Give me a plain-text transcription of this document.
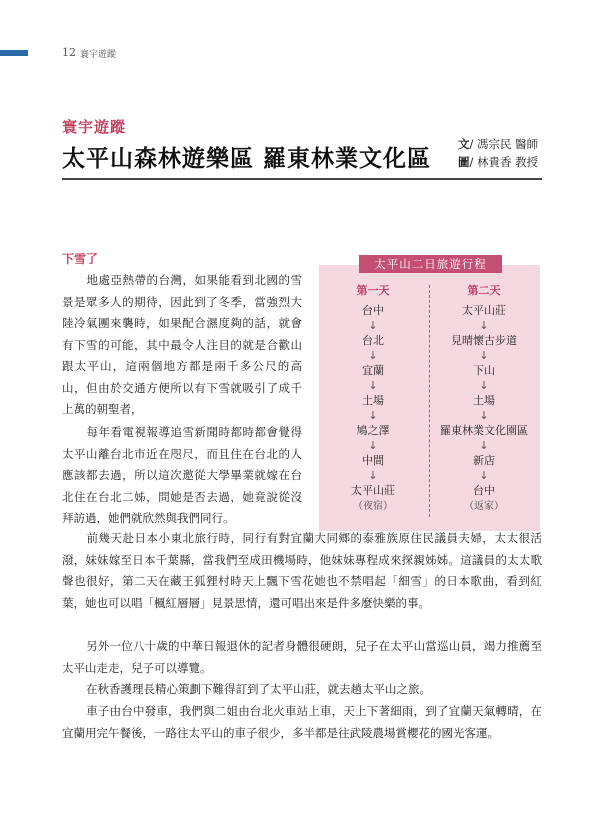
12 寰宇遊蹤
寰宇遊蹤
太平山森林遊樂區 羅東林業文化區
文/ 馮宗民 醫師
圖/ 林貴香 教授
下雪了

地處亞熱帶的台灣，如果能看到北國的雪景是眾多人的期待，因此到了冬季，當強烈大陸冷氣團來襲時，如果配合濕度夠的話，就會有下雪的可能，其中最令人注目的就是合歡山跟太平山，這兩個地方都是兩千多公尺的高山，但由於交通方便所以有下雪就吸引了成千上萬的朝聖者，

每年看電視報導追雪新聞時都時都會覺得太平山離台北市近在咫尺，而且住在台北的人應該都去過，所以這次邀從大學畢業就嫁在台北住在台北二姊，問她是否去過，她竟說從沒拜訪過，她們就欣然與我們同行。

前幾天赴日本小東北旅行時，同行有對宜蘭大同鄉的泰雅族原住民議員夫婦，太太很活潑，妹妹嫁至日本千葉縣，當我們至成田機場時，他妹妹專程成來探親姊姊。這議員的太太歌聲也很好，第二天在藏王狐狸村時天上飄下雪花她也不禁唱起「細雪」的日本歌曲，看到紅葉，她也可以唱「楓紅層層」見景思情，還可唱出來是件多麼快樂的事。

另外一位八十歲的中華日報退休的記者身體很硬朗，兒子在太平山當巡山員，竭力推薦至太平山走走，兒子可以導覽。

在秋香護理長精心策劃下難得訂到了太平山莊，就去趟太平山之旅。

車子由台中發車，我們與二姐由台北火車站上車，天上下著細雨，到了宜蘭天氣轉晴，在宜蘭用完午餐後，一路往太平山的車子很少，多半都是往武陵農場賞櫻花的國光客運。

太平山二日旅遊行程
第一天
台中
↓
台北
↓
宜蘭
↓
土場
↓
鳩之澤
↓
中間
↓
太平山莊
（夜宿）
第二天
太平山莊
↓
見晴懷古步道
↓
下山
↓
土場
↓
羅東林業文化園區
↓
新店
↓
台中
（返家）
